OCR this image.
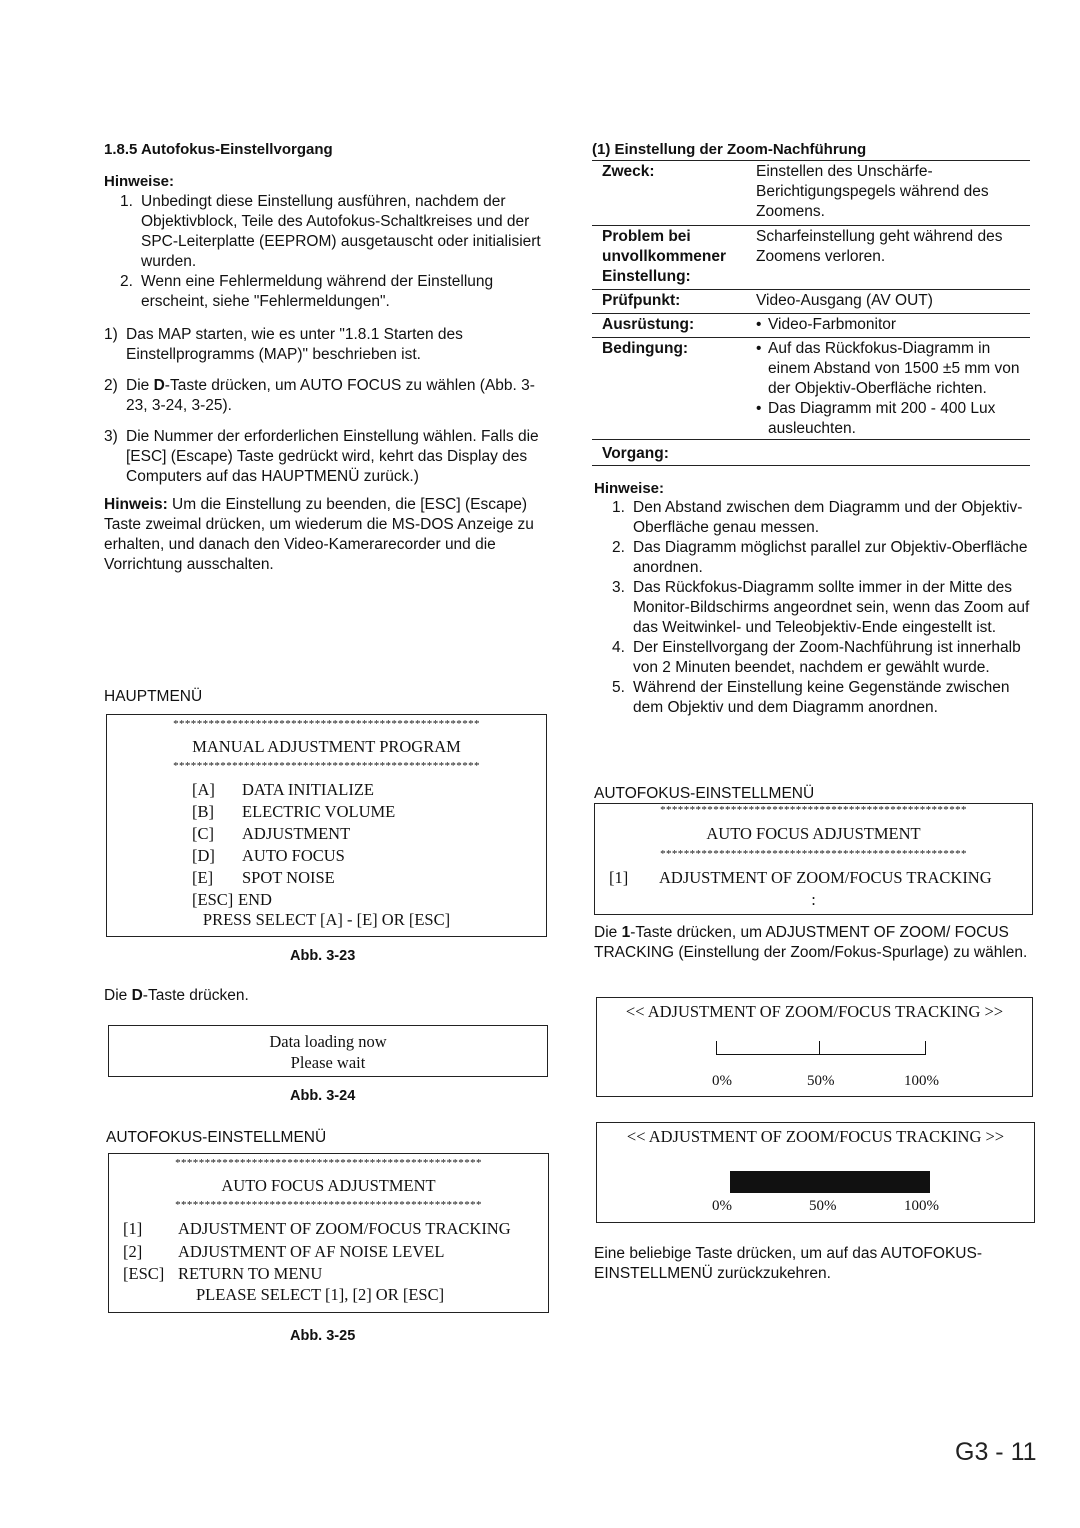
1.8.5 Autofokus-Einstellvorgang
Hinweise:
1. Unbedingt diese Einstellung ausführen, nachdem der Objektivblock, Teile des Autofokus-Schaltkreises und der SPC-Leiterplatte (EEPROM) ausgetauscht oder initialisiert wurden.
2. Wenn eine Fehlermeldung während der Einstellung erscheint, siehe "Fehlermeldungen".
1) Das MAP starten, wie es unter "1.8.1 Starten des Einstellprogramms (MAP)" beschrieben ist.
2) Die D-Taste drücken, um AUTO FOCUS zu wählen (Abb. 3-23, 3-24, 3-25).
3) Die Nummer der erforderlichen Einstellung wählen. Falls die [ESC] (Escape) Taste gedrückt wird, kehrt das Display des Computers auf das HAUPTMENÜ zurück.)
Hinweis: Um die Einstellung zu beenden, die [ESC] (Escape) Taste zweimal drücken, um wiederum die MS-DOS Anzeige zu erhalten, und danach den Video-Kamerarecorder und die Vorrichtung ausschalten.
HAUPTMENÜ
****************************************************
MANUAL ADJUSTMENT PROGRAM
****************************************************
[A] DATA INITIALIZE
[B] ELECTRIC VOLUME
[C] ADJUSTMENT
[D] AUTO FOCUS
[E] SPOT NOISE
[ESC] END
PRESS SELECT [A] - [E] OR [ESC]
Abb. 3-23
Die D-Taste drücken.
Data loading now
Please wait
Abb. 3-24
AUTOFOKUS-EINSTELLMENÜ
****************************************************
AUTO FOCUS ADJUSTMENT
****************************************************
[1] ADJUSTMENT OF ZOOM/FOCUS TRACKING
[2] ADJUSTMENT OF AF NOISE LEVEL
[ESC] RETURN TO MENU
PLEASE SELECT [1], [2] OR [ESC]
Abb. 3-25
(1) Einstellung der Zoom-Nachführung
Zweck:	Einstellen des Unschärfe-Berichtigungspegels während des Zoomens.
Problem bei unvollkommener Einstellung:
Scharfeinstellung geht während des Zoomens verloren.
Prüfpunkt:	Video-Ausgang (AV OUT)
Ausrüstung:	• Video-Farbmonitor
Bedingung:	• Auf das Rückfokus-Diagramm in einem Abstand von 1500 ±5 mm von der Objektiv-Oberfläche richten.
• Das Diagramm mit 200 - 400 Lux ausleuchten.
Vorgang:
Hinweise:
1. Den Abstand zwischen dem Diagramm und der Objektiv-Oberfläche genau messen.
2. Das Diagramm möglichst parallel zur Objektiv-Oberfläche anordnen.
3. Das Rückfokus-Diagramm sollte immer in der Mitte des Monitor-Bildschirms angeordnet sein, wenn das Zoom auf das Weitwinkel- und Teleobjektiv-Ende eingestellt ist.
4. Der Einstellvorgang der Zoom-Nachführung ist innerhalb von 2 Minuten beendet, nachdem er gewählt wurde.
5. Während der Einstellung keine Gegenstände zwischen dem Objektiv und dem Diagramm anordnen.
AUTOFOKUS-EINSTELLMENÜ
****************************************************
AUTO FOCUS ADJUSTMENT
****************************************************
[1] ADJUSTMENT OF ZOOM/FOCUS TRACKING
:
Die 1-Taste drücken, um ADJUSTMENT OF ZOOM/ FOCUS TRACKING (Einstellung der Zoom/Fokus-Spurlage) zu wählen.
<< ADJUSTMENT OF ZOOM/FOCUS TRACKING >>
0%	50%	100%
<< ADJUSTMENT OF ZOOM/FOCUS TRACKING >>
0%	50%	100%
Eine beliebige Taste drücken, um auf das AUTOFOKUS-EINSTELLMENÜ zurückzukehren.
G3 - 11
